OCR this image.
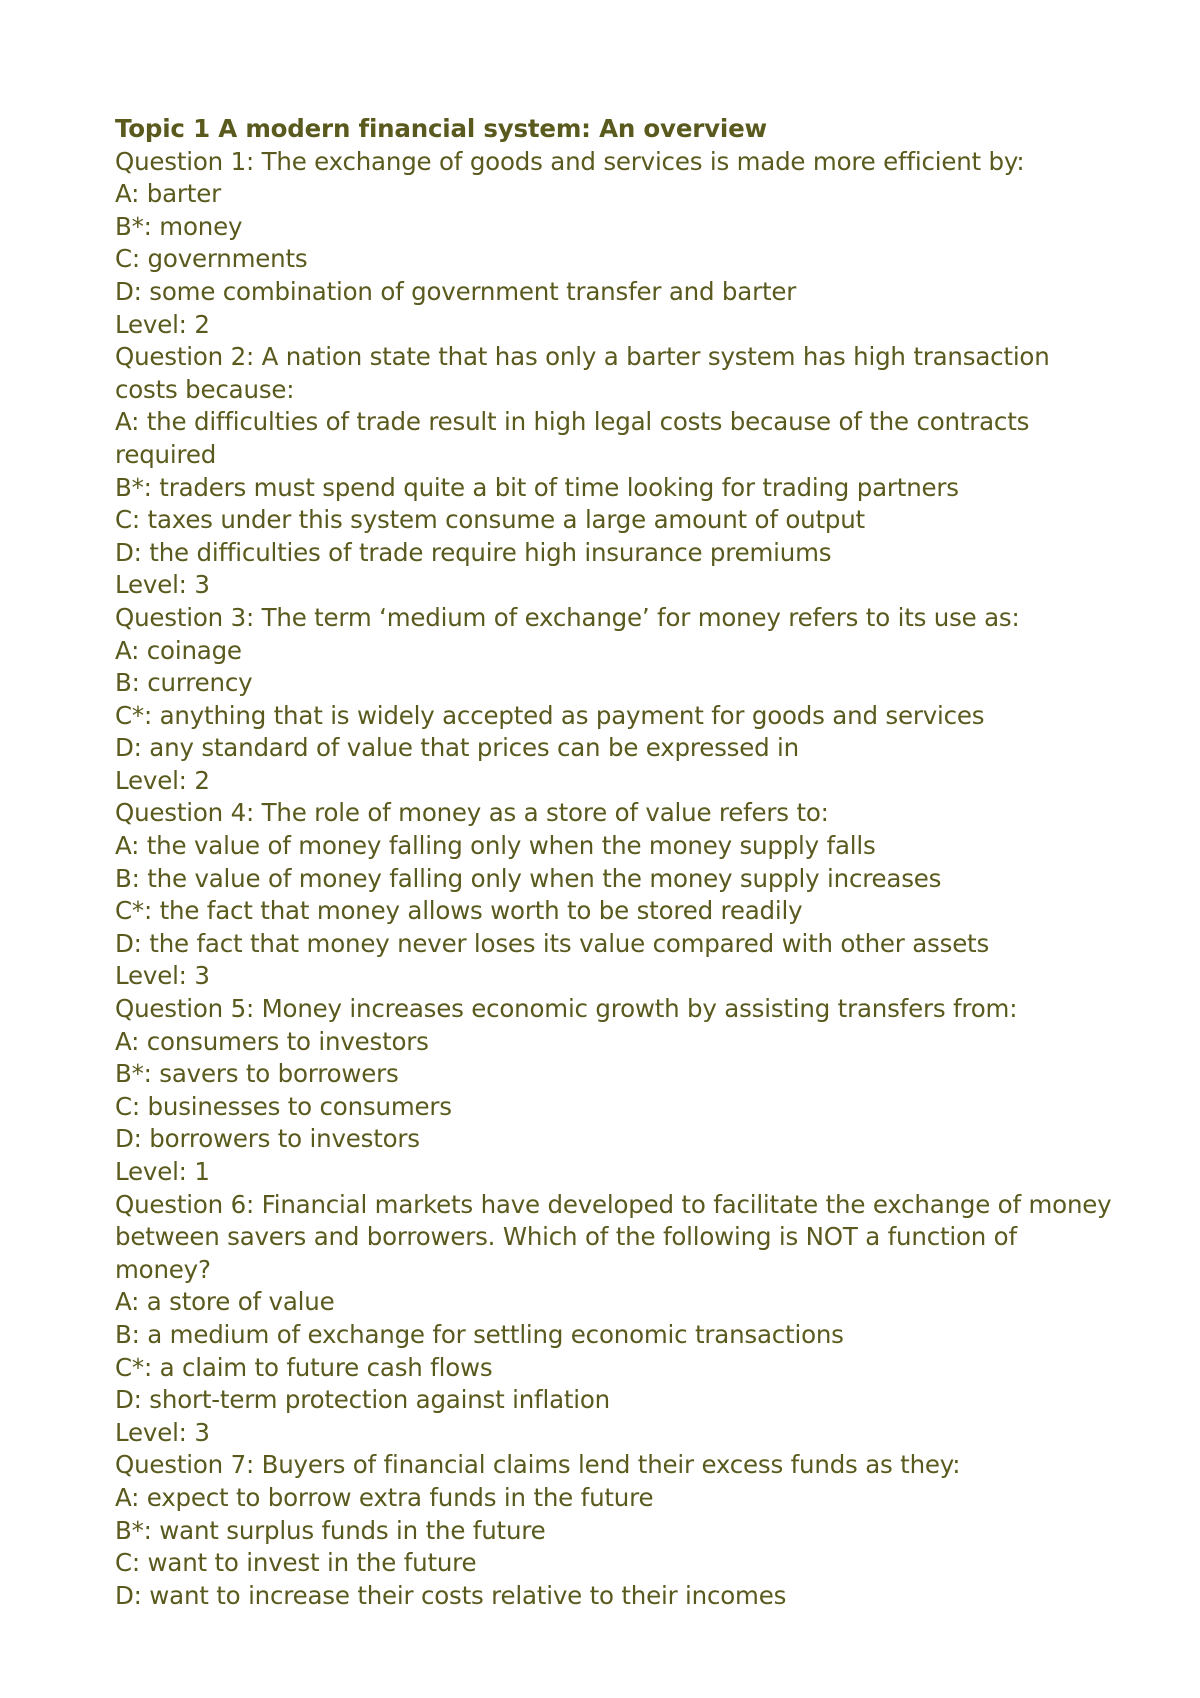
Topic 1 A modern financial system: An overview
Question 1: The exchange of goods and services is made more efficient by:
A: barter
B*: money
C: governments
D: some combination of government transfer and barter
Level: 2
Question 2: A nation state that has only a barter system has high transaction costs because:
A: the difficulties of trade result in high legal costs because of the contracts required
B*: traders must spend quite a bit of time looking for trading partners
C: taxes under this system consume a large amount of output
D: the difficulties of trade require high insurance premiums
Level: 3
Question 3: The term ‘medium of exchange’ for money refers to its use as:
A: coinage
B: currency
C*: anything that is widely accepted as payment for goods and services
D: any standard of value that prices can be expressed in
Level: 2
Question 4: The role of money as a store of value refers to:
A: the value of money falling only when the money supply falls
B: the value of money falling only when the money supply increases
C*: the fact that money allows worth to be stored readily
D: the fact that money never loses its value compared with other assets
Level: 3
Question 5: Money increases economic growth by assisting transfers from:
A: consumers to investors
B*: savers to borrowers
C: businesses to consumers
D: borrowers to investors
Level: 1
Question 6: Financial markets have developed to facilitate the exchange of money between savers and borrowers. Which of the following is NOT a function of money?
A: a store of value
B: a medium of exchange for settling economic transactions
C*: a claim to future cash flows
D: short-term protection against inflation
Level: 3
Question 7: Buyers of financial claims lend their excess funds as they:
A: expect to borrow extra funds in the future
B*: want surplus funds in the future
C: want to invest in the future
D: want to increase their costs relative to their incomes
